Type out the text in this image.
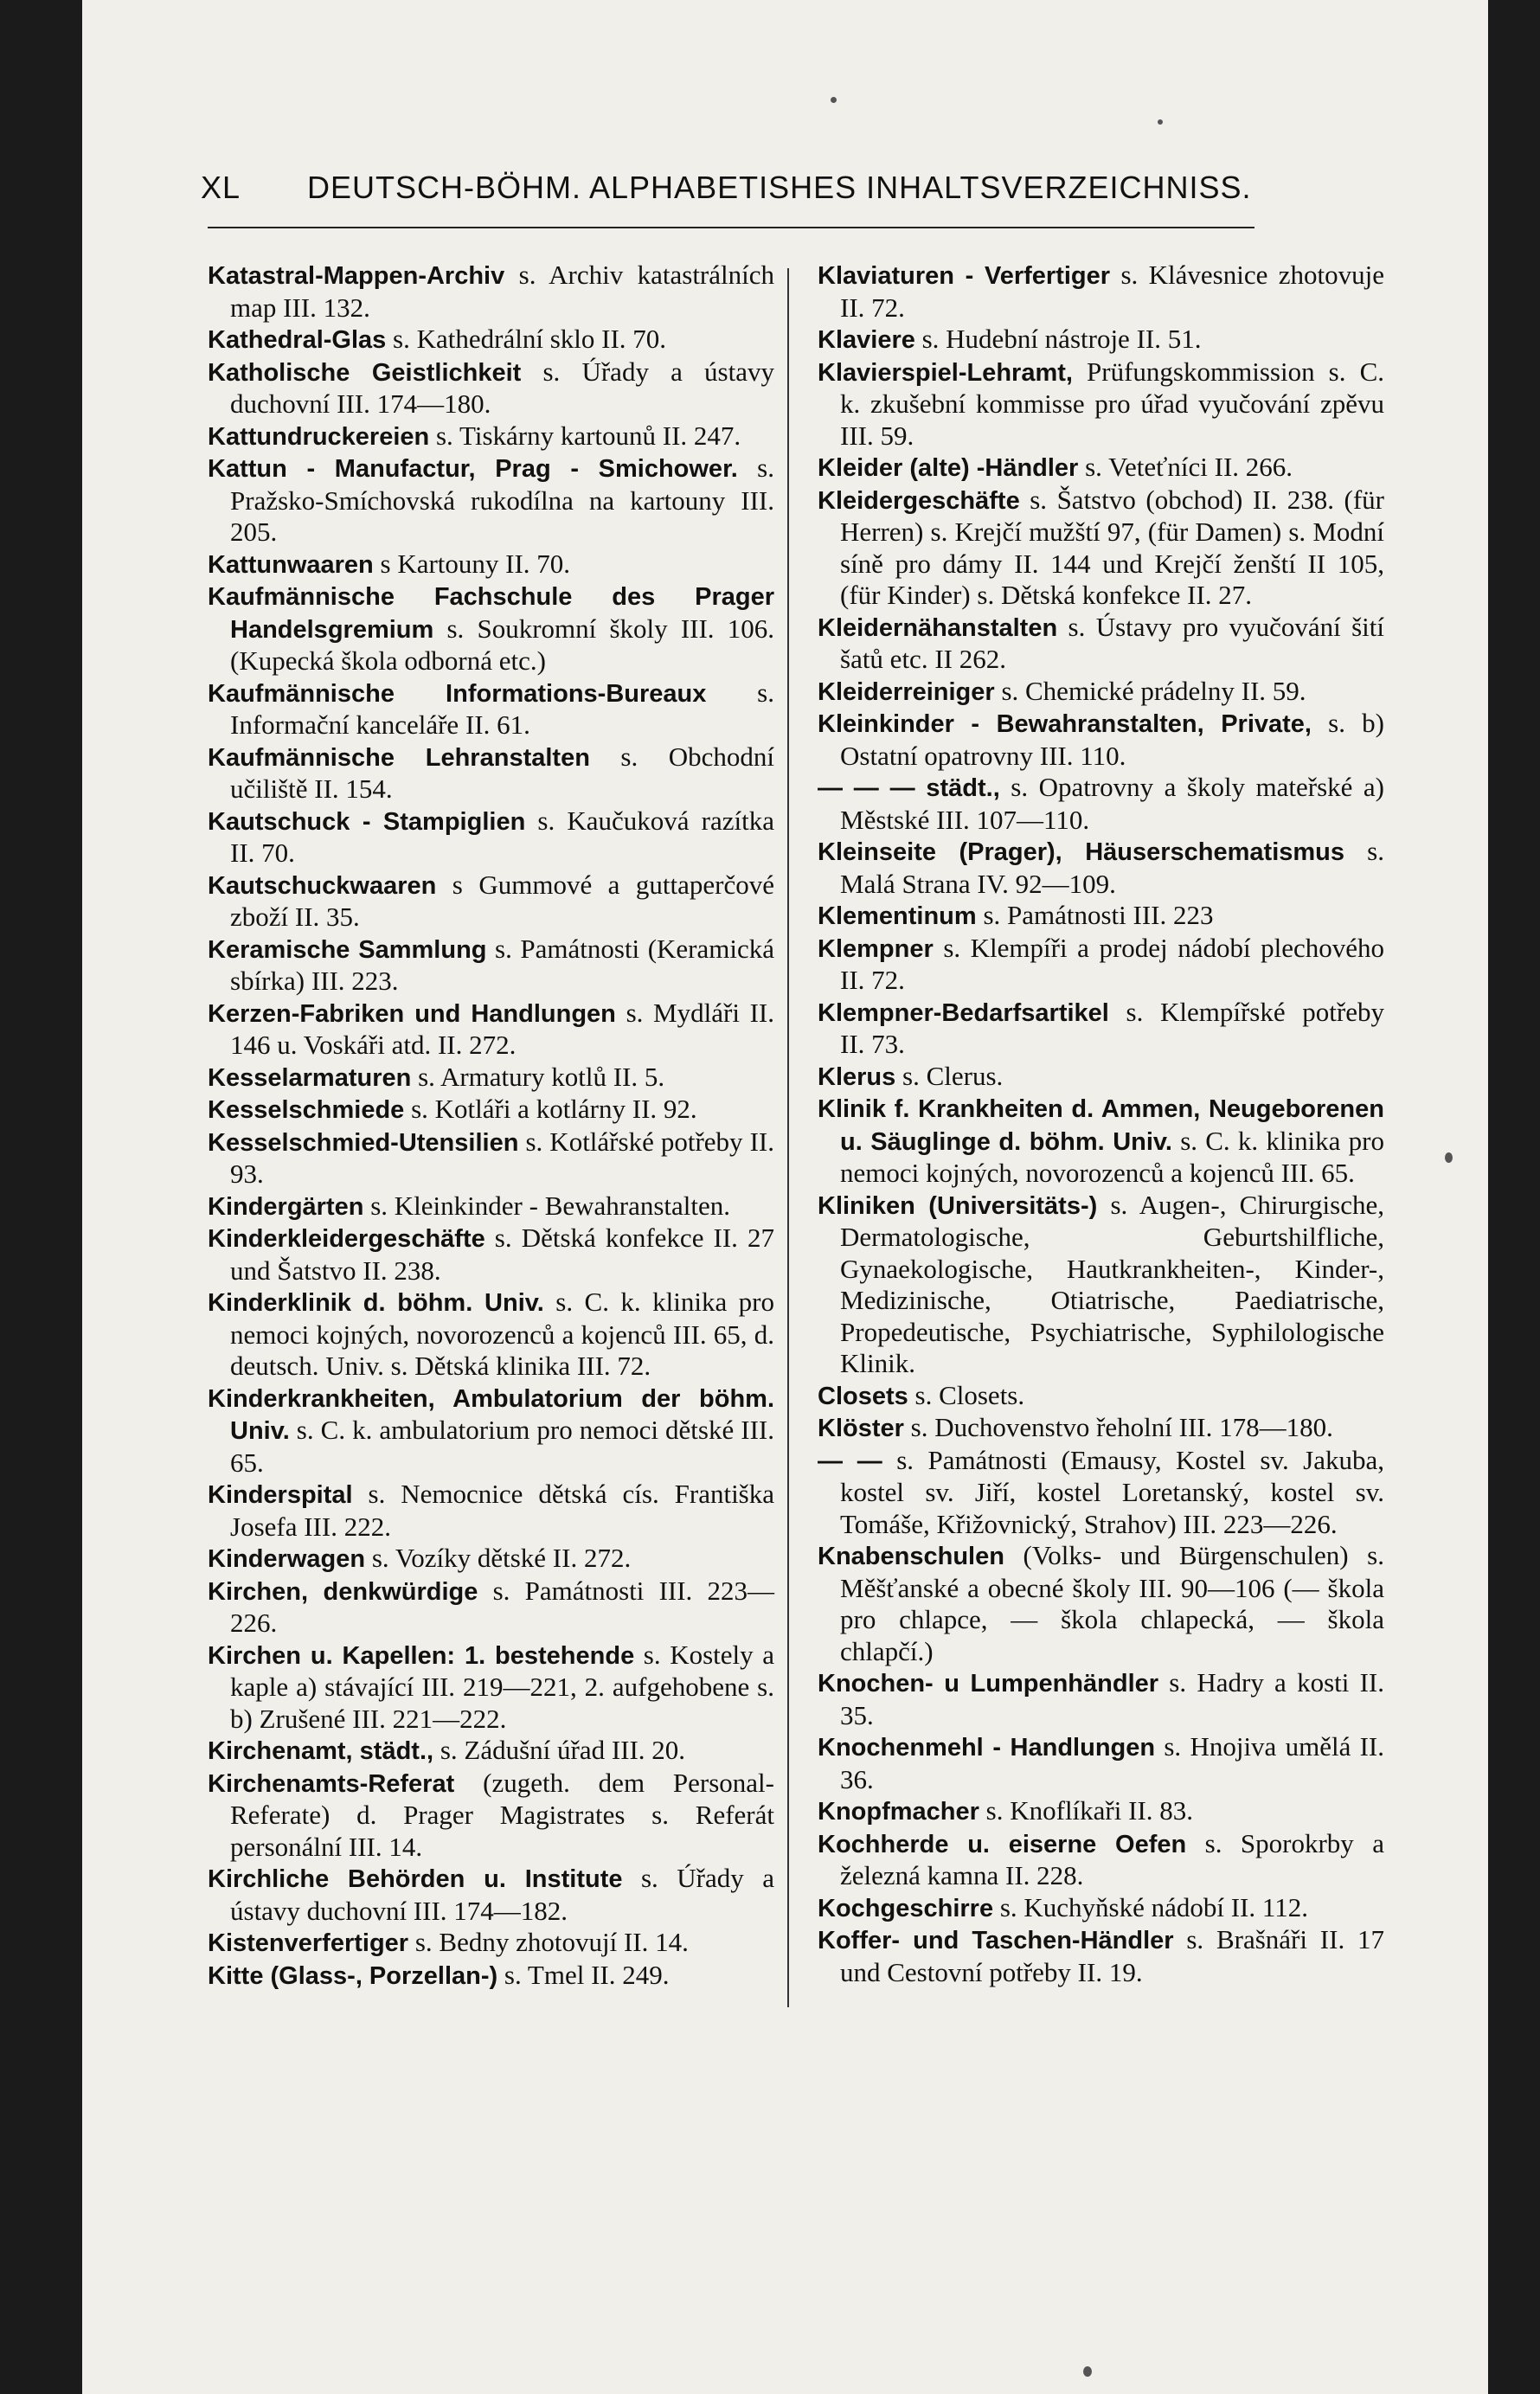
XL DEUTSCH-BÖHM. ALPHABETISHES INHALTSVERZEICHNISS.

Katastral-Mappen-Archiv s. Archiv katastrálních map III. 132.

Kathedral-Glas s. Kathedrální sklo II. 70.

Katholische Geistlichkeit s. Úřady a ústavy duchovní III. 174—180.

Kattundruckereien s. Tiskárny kartounů II. 247.

Kattun - Manufactur, Prag - Smichower. s. Pražsko-Smíchovská rukodílna na kartouny III. 205.

Kattunwaaren s Kartouny II. 70.

Kaufmännische Fachschule des Prager Handelsgremium s. Soukromní školy III. 106. (Kupecká škola odborná etc.)

Kaufmännische Informations-Bureaux s. Informační kanceláře II. 61.

Kaufmännische Lehranstalten s. Obchodní učiliště II. 154.

Kautschuck - Stampiglien s. Kaučuková razítka II. 70.

Kautschuckwaaren s Gummové a guttaperčové zboží II. 35.

Keramische Sammlung s. Památnosti (Keramická sbírka) III. 223.

Kerzen-Fabriken und Handlungen s. Mydláři II. 146 u. Voskáři atd. II. 272.

Kesselarmaturen s. Armatury kotlů II. 5.

Kesselschmiede s. Kotláři a kotlárny II. 92.

Kesselschmied-Utensilien s. Kotlářské potřeby II. 93.

Kindergärten s. Kleinkinder - Bewahranstalten.

Kinderkleidergeschäfte s. Dětská konfekce II. 27 und Šatstvo II. 238.

Kinderklinik d. böhm. Univ. s. C. k. klinika pro nemoci kojných, novorozenců a kojenců III. 65, d. deutsch. Univ. s. Dětská klinika III. 72.

Kinderkrankheiten, Ambulatorium der böhm. Univ. s. C. k. ambulatorium pro nemoci dětské III. 65.

Kinderspital s. Nemocnice dětská cís. Františka Josefa III. 222.

Kinderwagen s. Vozíky dětské II. 272.

Kirchen, denkwürdige s. Památnosti III. 223—226.

Kirchen u. Kapellen: 1. bestehende s. Kostely a kaple a) stávající III. 219—221, 2. aufgehobene s. b) Zrušené III. 221—222.

Kirchenamt, städt., s. Zádušní úřad III. 20.

Kirchenamts-Referat (zugeth. dem Personal-Referate) d. Prager Magistrates s. Referát personální III. 14.

Kirchliche Behörden u. Institute s. Úřady a ústavy duchovní III. 174—182.

Kistenverfertiger s. Bedny zhotovují II. 14.

Kitte (Glass-, Porzellan-) s. Tmel II. 249.

Klaviaturen - Verfertiger s. Klávesnice zhotovuje II. 72.

Klaviere s. Hudební nástroje II. 51.

Klavierspiel-Lehramt, Prüfungskommission s. C. k. zkušební kommisse pro úřad vyučování zpěvu III. 59.

Kleider (alte) -Händler s. Veteťníci II. 266.

Kleidergeschäfte s. Šatstvo (obchod) II. 238. (für Herren) s. Krejčí mužští 97, (für Damen) s. Modní síně pro dámy II. 144 und Krejčí ženští II 105, (für Kinder) s. Dětská konfekce II. 27.

Kleidernähanstalten s. Ústavy pro vyučování šití šatů etc. II 262.

Kleiderreiniger s. Chemické prádelny II. 59.

Kleinkinder - Bewahranstalten, Private, s. b) Ostatní opatrovny III. 110.

— — — städt., s. Opatrovny a školy mateřské a) Městské III. 107—110.

Kleinseite (Prager), Häuserschematismus s. Malá Strana IV. 92—109.

Klementinum s. Památnosti III. 223

Klempner s. Klempíři a prodej nádobí plechového II. 72.

Klempner-Bedarfsartikel s. Klempířské potřeby II. 73.

Klerus s. Clerus.

Klinik f. Krankheiten d. Ammen, Neugeborenen u. Säuglinge d. böhm. Univ. s. C. k. klinika pro nemoci kojných, novorozenců a kojenců III. 65.

Kliniken (Universitäts-) s. Augen-, Chirurgische, Dermatologische, Geburtshilfliche, Gynaekologische, Hautkrankheiten-, Kinder-, Medizinische, Otiatrische, Paediatrische, Propedeutische, Psychiatrische, Syphilologische Klinik.

Closets s. Closets.

Klöster s. Duchovenstvo řeholní III. 178—180.

— — s. Památnosti (Emausy, Kostel sv. Jakuba, kostel sv. Jiří, kostel Loretanský, kostel sv. Tomáše, Křižovnický, Strahov) III. 223—226.

Knabenschulen (Volks- und Bürgenschulen) s. Měšťanské a obecné školy III. 90—106 (— škola pro chlapce, — škola chlapecká, — škola chlapčí.)

Knochen- u Lumpenhändler s. Hadry a kosti II. 35.

Knochenmehl - Handlungen s. Hnojiva umělá II. 36.

Knopfmacher s. Knoflíkaři II. 83.

Kochherde u. eiserne Oefen s. Sporokrby a železná kamna II. 228.

Kochgeschirre s. Kuchyňské nádobí II. 112.

Koffer- und Taschen-Händler s. Brašnáři II. 17 und Cestovní potřeby II. 19.
